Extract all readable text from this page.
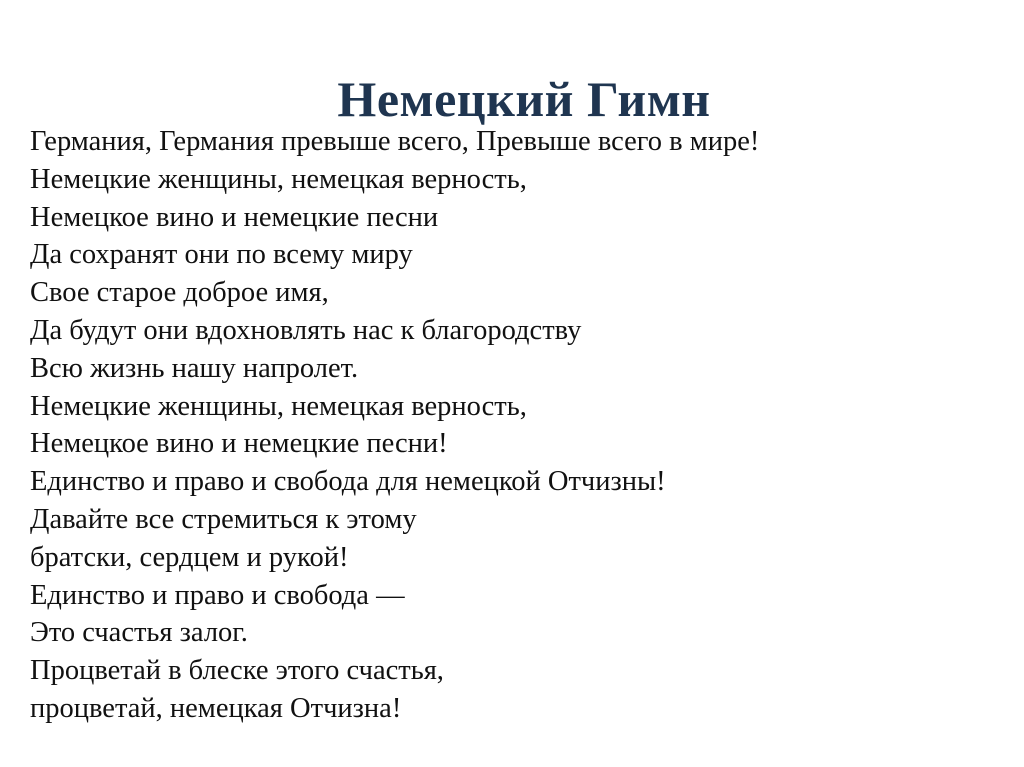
Немецкий Гимн
Германия, Германия превыше всего, Превыше всего в мире!
Немецкие женщины, немецкая верность,
Немецкое вино и немецкие песни
Да сохранят они по всему миру
Свое старое доброе имя,
Да будут они вдохновлять нас к благородству
Всю жизнь нашу напролет.
Немецкие женщины, немецкая верность,
Немецкое вино и немецкие песни!
Единство и право и свобода для немецкой Отчизны!
Давайте все стремиться к этому
братски, сердцем и рукой!
Единство и право и свобода —
Это счастья залог.
Процветай в блеске этого счастья,
процветай, немецкая Отчизна!
